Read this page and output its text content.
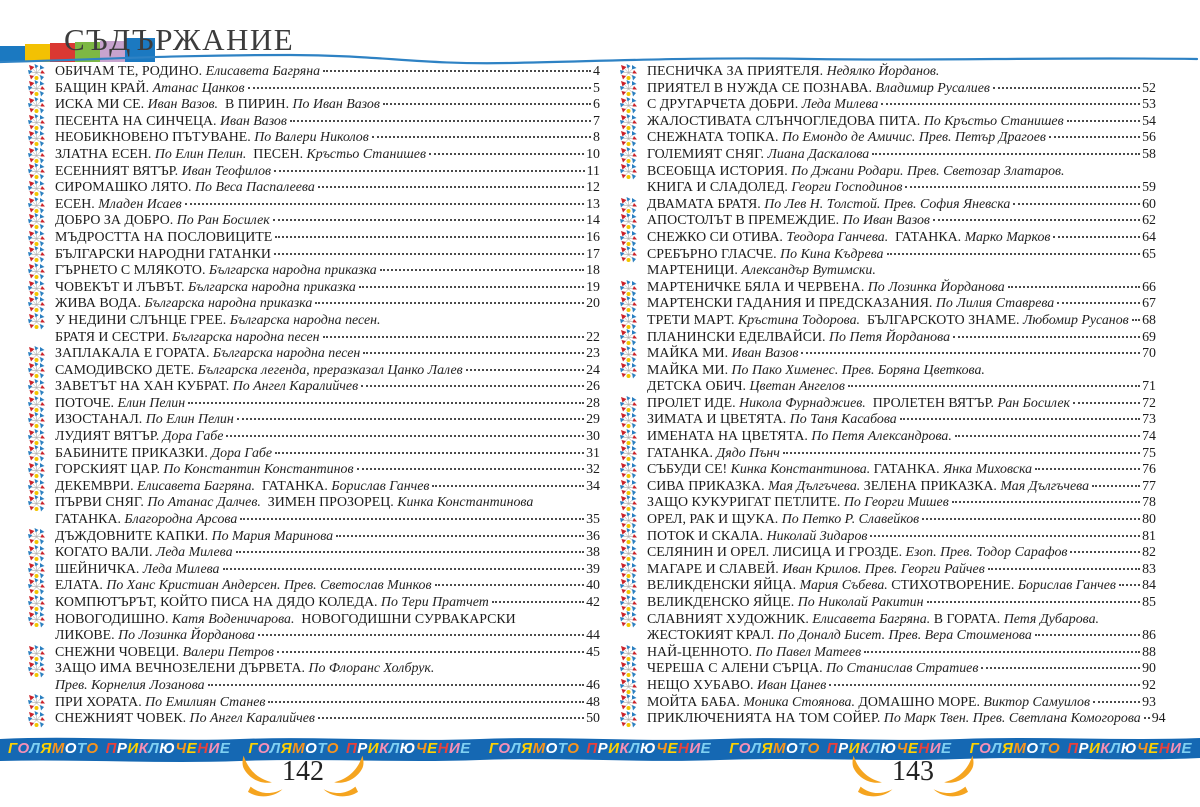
СЪДЪРЖАНИЕ
ОБИЧАМ ТЕ, РОДИНО. Елисавета Багряна	4
БАЩИН КРАЙ. Атанас Цанков	5
ИСКА МИ СЕ. Иван Вазов. В ПИРИН. По Иван Вазов	6
ПЕСЕНТА НА СИНЧЕЦА. Иван Вазов	7
НЕОБИКНОВЕНО ПЪТУВАНЕ. По Валери Николов	8
ЗЛАТНА ЕСЕН. По Елин Пелин. ПЕСЕН. Кръстьо Станишев	10
ЕСЕННИЯТ ВЯТЪР. Иван Теофилов	11
СИРОМАШКО ЛЯТО. По Веса Паспалеева	12
ЕСЕН. Младен Исаев	13
ДОБРО ЗА ДОБРО. По Ран Босилек	14
МЪДРОСТТА НА ПОСЛОВИЦИТЕ	16
БЪЛГАРСКИ НАРОДНИ ГАТАНКИ	17
ГЪРНЕТО С МЛЯКОТО. Българска народна приказка	18
ЧОВЕКЪТ И ЛЪВЪТ. Българска народна приказка	19
ЖИВА ВОДА. Българска народна приказка	20
У НЕДИНИ СЛЪНЦЕ ГРЕЕ. Българска народна песен.
БРАТЯ И СЕСТРИ. Българска народна песен	22
ЗАПЛАКАЛА Е ГОРАТА. Българска народна песен	23
САМОДИВСКО ДЕТЕ. Българска легенда, преразказал Цанко Лалев	24
ЗАВЕТЪТ НА ХАН КУБРАТ. По Ангел Каралийчев	26
ПОТОЧЕ. Елин Пелин	28
ИЗОСТАНАЛ. По Елин Пелин	29
ЛУДИЯТ ВЯТЪР. Дора Габе	30
БАБИНИТЕ ПРИКАЗКИ. Дора Габе	31
ГОРСКИЯТ ЦАР. По Константин Константинов	32
ДЕКЕМВРИ. Елисавета Багряна. ГАТАНКА. Борислав Ганчев	34
ПЪРВИ СНЯГ. По Атанас Далчев. ЗИМЕН ПРОЗОРЕЦ. Кинка Константинова
ГАТАНКА. Благородна Арсова	35
ДЪЖДОВНИТЕ КАПКИ. По Мария Маринова	36
КОГАТО ВАЛИ. Леда Милева	38
ШЕЙНИЧКА. Леда Милева	39
ЕЛАТА. По Ханс Кристиан Андерсен. Прев. Светослав Минков	40
КОМПЮТЪРЪТ, КОЙТО ПИСА НА ДЯДО КОЛЕДА. По Тери Пратчет	42
НОВОГОДИШНО. Катя Воденичарова. НОВОГОДИШНИ СУРВАКАРСКИ
ЛИКОВЕ. По Лозинка Йорданова	44
СНЕЖНИ ЧОВЕЦИ. Валери Петров	45
ЗАЩО ИМА ВЕЧНОЗЕЛЕНИ ДЪРВЕТА. По Флоранс Холбрук.
Прев. Корнелия Лозанова	46
ПРИ ХОРАТА. По Емилиян Станев	48
СНЕЖНИЯТ ЧОВЕК. По Ангел Каралийчев	50
ПЕСНИЧКА ЗА ПРИЯТЕЛЯ. Недялко Йорданов.
ПРИЯТЕЛ В НУЖДА СЕ ПОЗНАВА. Владимир Русалиев	52
С ДРУГАРЧЕТА ДОБРИ. Леда Милева	53
ЖАЛОСТИВАТА СЛЪНЧОГЛЕДОВА ПИТА. По Кръстьо Станишев	54
СНЕЖНАТА ТОПКА. По Емондо де Амичис. Прев. Петър Драгоев	56
ГОЛЕМИЯТ СНЯГ. Лиана Даскалова	58
ВСЕОБЩА ИСТОРИЯ. По Джани Родари. Прев. Светозар Златаров.
КНИГА И СЛАДОЛЕД. Георги Господинов	59
ДВАМАТА БРАТЯ. По Лев Н. Толстой. Прев. София Яневска	60
АПОСТОЛЪТ В ПРЕМЕЖДИЕ. По Иван Вазов	62
СНЕЖКО СИ ОТИВА. Теодора Ганчева. ГАТАНКА. Марко Марков	64
СРЕБЪРНО ГЛАСЧЕ. По Кина Къдрева	65
МАРТЕНИЦИ. Александър Вутимски.
МАРТЕНИЧКЕ БЯЛА И ЧЕРВЕНА. По Лозинка Йорданова	66
МАРТЕНСКИ ГАДАНИЯ И ПРЕДСКАЗАНИЯ. По Лилия Ставрева	67
ТРЕТИ МАРТ. Кръстина Тодорова. БЪЛГАРСКОТО ЗНАМЕ. Любомир Русанов 68
ПЛАНИНСКИ ЕДЕЛВАЙСИ. По Петя Йорданова	69
МАЙКА МИ. Иван Вазов	70
МАЙКА МИ. По Пако Хименес. Прев. Боряна Цветкова.
ДЕТСКА ОБИЧ. Цветан Ангелов	71
ПРОЛЕТ ИДЕ. Никола Фурнаджиев. ПРОЛЕТЕН ВЯТЪР. Ран Босилек	72
ЗИМАТА И ЦВЕТЯТА. По Таня Касабова	73
ИМЕНАТА НА ЦВЕТЯТА. По Петя Александрова.	74
ГАТАНКА. Дядо Пънч	75
СЪБУДИ СЕ! Кинка Константинова. ГАТАНКА. Янка Миховска	76
СИВА ПРИКАЗКА. Мая Дългъчева. ЗЕЛЕНА ПРИКАЗКА. Мая Дългъчева	77
ЗАЩО КУКУРИГАТ ПЕТЛИТЕ. По Георги Мишев	78
ОРЕЛ, РАК И ЩУКА. По Петко Р. Славейков	80
ПОТОК И СКАЛА. Николай Зидаров	81
СЕЛЯНИН И ОРЕЛ. ЛИСИЦА И ГРОЗДЕ. Езоп. Прев. Тодор Сарафов	82
МАГАРЕ И СЛАВЕЙ. Иван Крилов. Прев. Георги Райчев	83
ВЕЛИКДЕНСКИ ЯЙЦА. Мария Събева. СТИХОТВОРЕНИЕ. Борислав Ганчев 84
ВЕЛИКДЕНСКО ЯЙЦЕ. По Николай Ракитин	85
СЛАВНИЯТ ХУДОЖНИК. Елисавета Багряна. В ГОРАТА. Петя Дубарова.
ЖЕСТОКИЯТ КРАЛ. По Доналд Бисет. Прев. Вера Стоименова	86
НАЙ-ЦЕННОТО. По Павел Матеев	88
ЧЕРЕША С АЛЕНИ СЪРЦА. По Станислав Стратиев	90
НЕЩО ХУБАВО. Иван Цанев	92
МОЙТА БАБА. Моника Стоянова. ДОМАШНО МОРЕ. Виктор Самуилов	93
ПРИКЛЮЧЕНИЯТА НА ТОМ СОЙЕР. По Марк Твен. Прев. Светлана Комогорова 94
ГОЛЯМОТО ПРИКЛЮЧЕНИЕ ГОЛЯМОТО ПРИКЛЮЧЕНИЕ ГОЛЯМОТО ПРИКЛЮЧЕНИЕ ГОЛЯМОТО ПРИКЛЮЧЕНИЕ ГОЛЯМОТО ПРИКЛЮЧЕНИЕ
142	143
